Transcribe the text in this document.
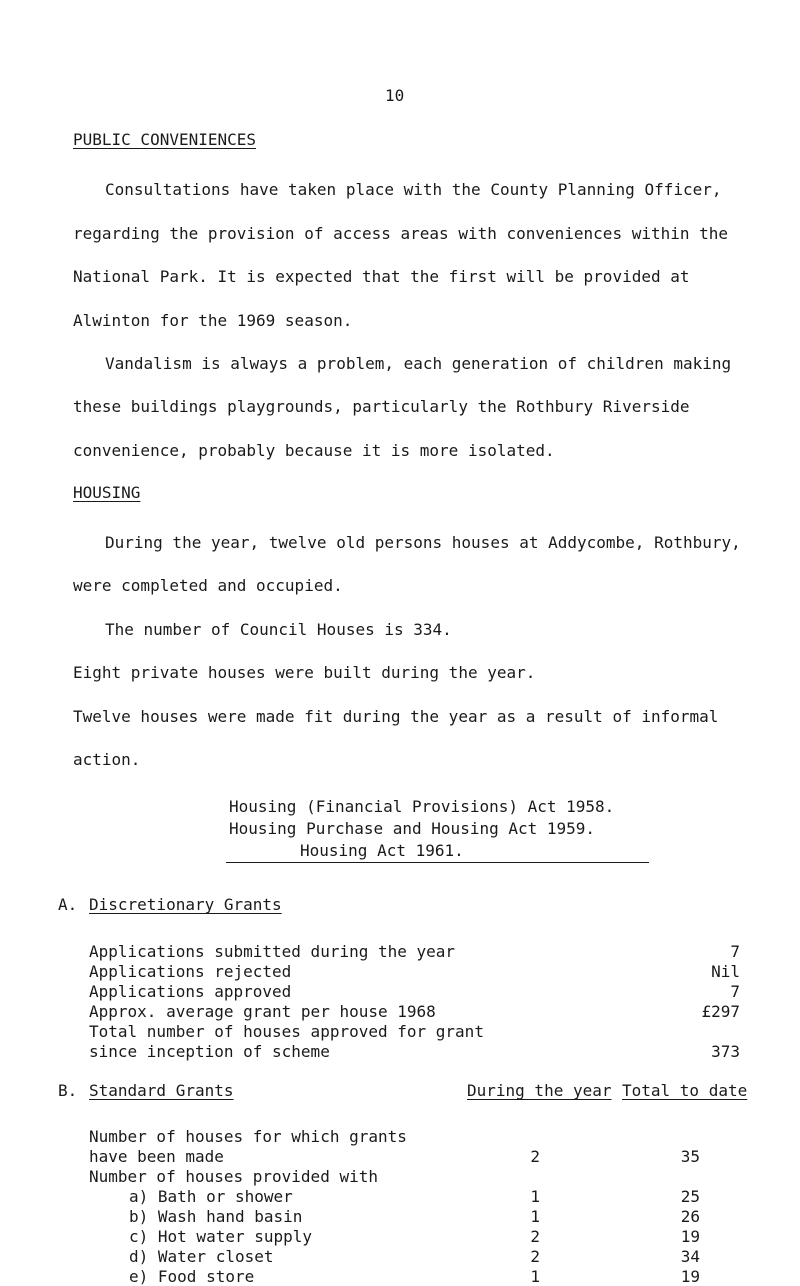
10
PUBLIC CONVENIENCES
Consultations have taken place with the County Planning Officer,
regarding the provision of access areas with conveniences within the
National Park. It is expected that the first will be provided at
Alwinton for the 1969 season.
Vandalism is always a problem, each generation of children making
these buildings playgrounds, particularly the Rothbury Riverside
convenience, probably because it is more isolated.
HOUSING
During the year, twelve old persons houses at Addycombe, Rothbury,
were completed and occupied.
The number of Council Houses is 334.
Eight private houses were built during the year.
Twelve houses were made fit during the year as a result of informal
action.
Housing (Financial Provisions) Act 1958.
Housing Purchase and Housing Act 1959.
Housing Act 1961.
A. Discretionary Grants
Applications submitted during the year	7
Applications rejected	Nil
Applications approved	7
Approx. average grant per house 1968	£297
Total number of houses approved for grant
since inception of scheme	373
B. Standard Grants	During the year Total to date
Number of houses for which grants
have been made	2	35
Number of houses provided with
a) Bath or shower	1	25
b) Wash hand basin	1	26
c) Hot water supply	2	19
d) Water closet	2	34
e) Food store	1	19
